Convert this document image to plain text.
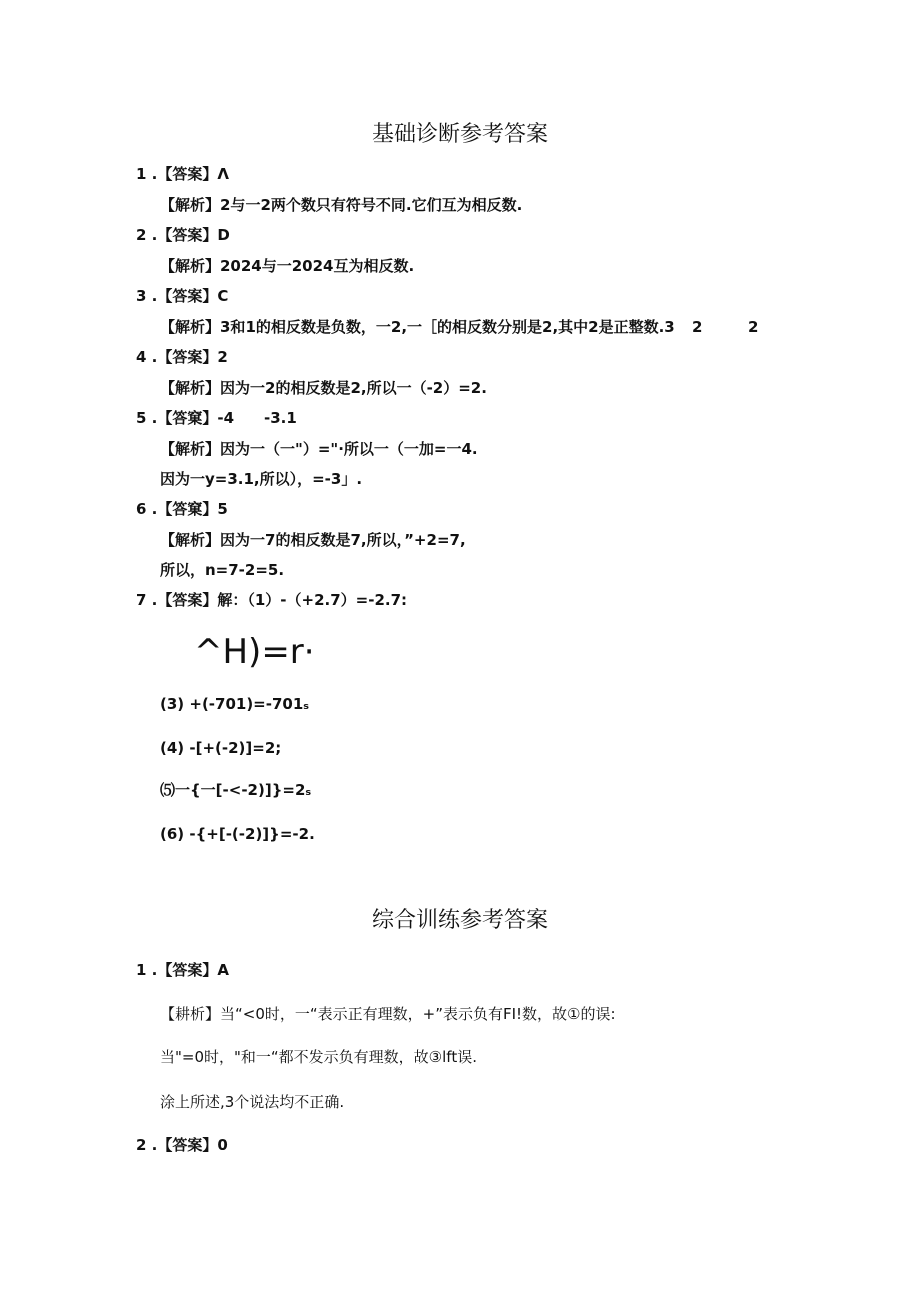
基础诊断参考答案
1 .【答案】Λ
【解析】2与一2两个数只有符号不同.它们互为相反数.
2 .【答案】D
【解析】2024与一2024互为相反数.
3 .【答案】C
【解析】3和1的相反数是负数，一2,一［的相反数分别是2,其中2是正整数.3 2	2
4 .【答案】2
【解析】因为一2的相反数是2,所以一（-2）=2.
5 .【答窠】-4 -3.1
【解析】因为一（一"）="·所以一（一加=一4.
因为一y=3.1,所以），=-3」.
6 .【答窠】5
【解析】因为一7的相反数是7,所以，”+2=7,
所以，n=7-2=5.
7 .【答案】解：（1）-（+2.7）=-2.7:
^H)=r·
(3) +(-701)=-701ₛ
(4) -[+(-2)]=2;
⑸一{一[-<-2)]}=2ₛ
(6) -{+[-(-2)]}=-2.
综合训练参考答案
1 .【答案】A
【耕析】当“<0时，一“表示正有理数，+”表示负有FI!数，故①的误:
当"=0时，"和一“都不发示负有理数，故③lft误.
涂上所述,3个说法均不正确.
2 .【答案】0
